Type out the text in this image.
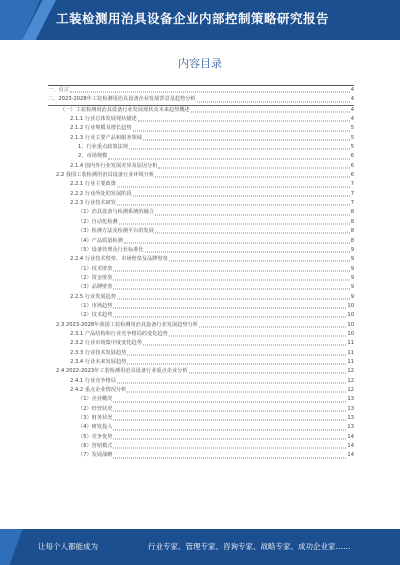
工装检测用治具设备企业内部控制策略研究报告
内容目录
一、引言	4
二、2023-2028年工装检测用治具设备企业发展背景及趋势分析	4
（一）工装检测用治具设备行业发展现状及未来趋势概述	4
2.1.1 行业总体发展现状描述	4
2.1.2 行业规模及增长趋势	5
2.1.3 行业主要产品和服务领域	5
1、行业重点政策法规	5
2、市场规模	6
2.1.4 国内外行业发展差异及原因分析	6
2.2 我国工装检测用治具设备行业环境分析	6
2.2.1 行业主要政策	7
2.2.2 行业所处的发展阶段	7
2.2.3 行业技术研发	7
（1）治具设备与检测系统的融合	8
（2）自动化检测	8
（3）检测方法及检测平台的发展	8
（4）产品质量检测	8
（5）设备管理及行业标准化	9
2.2.4 行业技术壁垒、市场壁垒及品牌壁垒	9
（1）技术壁垒	9
（2）资金壁垒	9
（3）品牌壁垒	9
2.2.5 行业发展趋势	9
（1）市场趋势	10
（2）技术趋势	10
2.3 2023-2028年我国工装检测用治具设备行业发展趋势分析	10
2.3.1 产品结构和行业竞争格局的变化趋势	10
2.3.2 行业市场集中度变化趋势	11
2.3.3 行业技术发展趋势	11
2.3.4 行业未来发展趋势	11
2.4 2022-2023年工装检测用治具设备行业重点企业分析	12
2.4.1 行业竞争格局	12
2.4.2 重点企业情况分析	12
（1）企业概况	13
（2）经营状况	13
（3）财务状况	13
（4）研发投入	13
（5）竞争优势	14
（6）营销模式	14
（7）发展战略	14
让每个人都能成为	行业专家、管理专家、咨询专家、战略专家、成功企业家……
